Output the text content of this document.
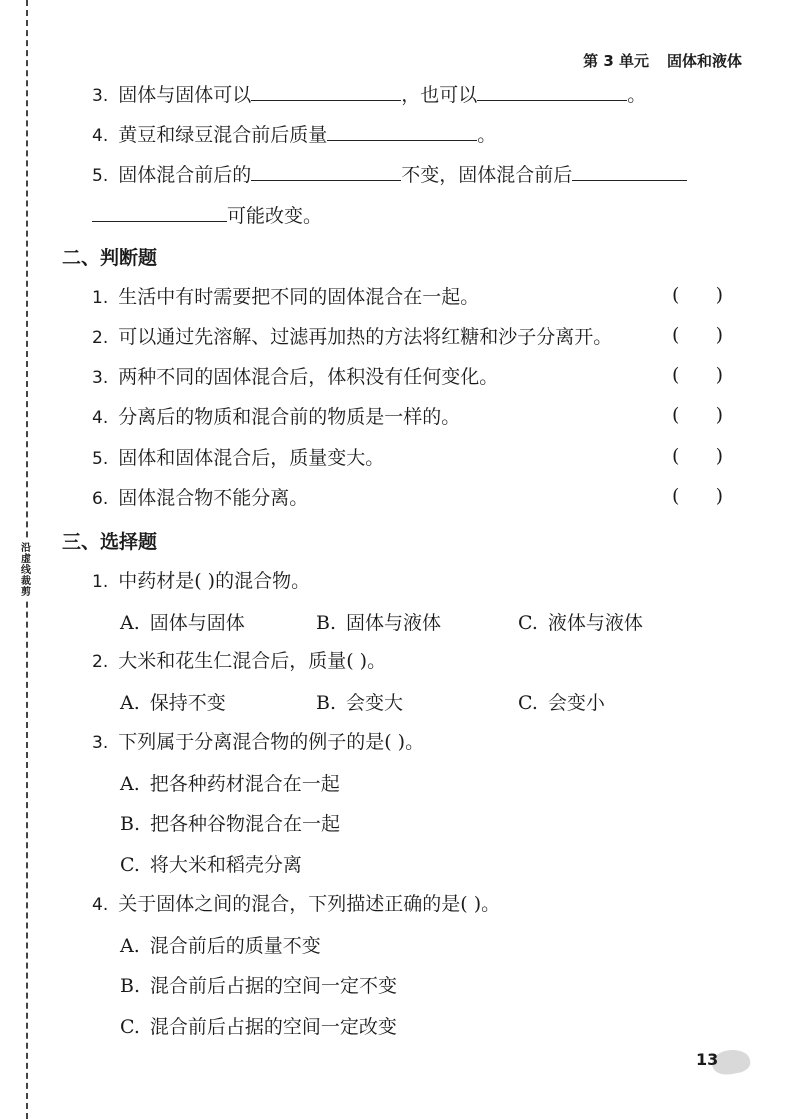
沿
虚
线
裁
剪
第 3 单元 固体和液体
3. 固体与固体可以	，也可以	。
4. 黄豆和绿豆混合前后质量	。
5. 固体混合前后的	不变，固体混合前后
可能改变。
二、判断题
1. 生活中有时需要把不同的固体混合在一起。	(      )
2. 可以通过先溶解、过滤再加热的方法将红糖和沙子分离开。	(      )
3. 两种不同的固体混合后，体积没有任何变化。	(      )
4. 分离后的物质和混合前的物质是一样的。	(      )
5. 固体和固体混合后，质量变大。	(      )
6. 固体混合物不能分离。	(      )
三、选择题
1. 中药材是( )的混合物。
A. 固体与固体	B. 固体与液体	C. 液体与液体
2. 大米和花生仁混合后，质量( )。
A. 保持不变	B. 会变大	C. 会变小
3. 下列属于分离混合物的例子的是( )。
A. 把各种药材混合在一起
B. 把各种谷物混合在一起
C. 将大米和稻壳分离
4. 关于固体之间的混合，下列描述正确的是( )。
A. 混合前后的质量不变
B. 混合前后占据的空间一定不变
C. 混合前后占据的空间一定改变
13
